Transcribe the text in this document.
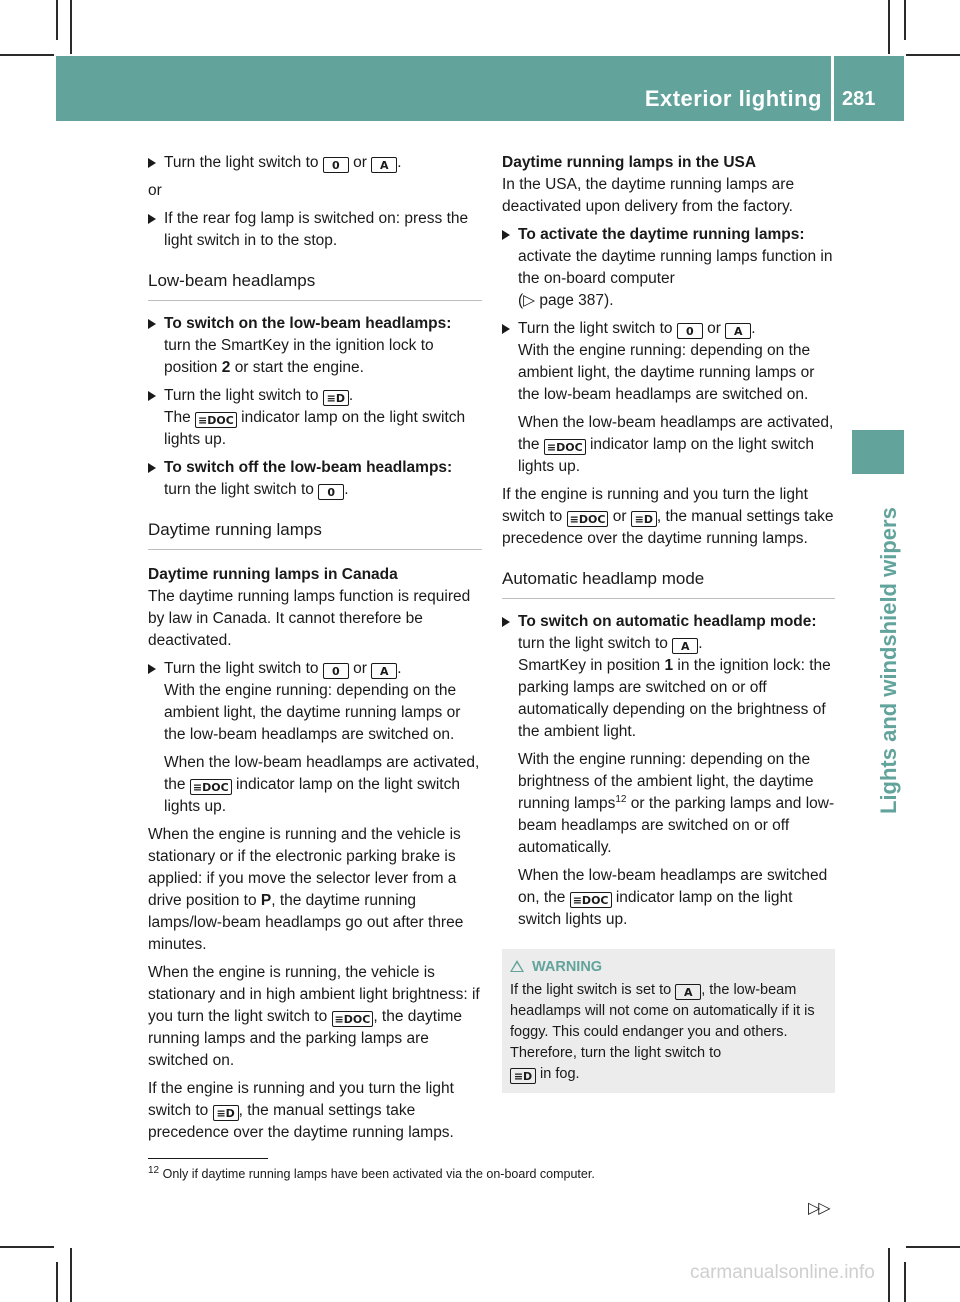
Exterior lighting 281
Lights and windshield wipers
Turn the light switch to 0 or A .

or

If the rear fog lamp is switched on: press the light switch in to the stop.
Low-beam headlamps
To switch on the low-beam headlamps: turn the SmartKey in the ignition lock to position 2 or start the engine.
Turn the light switch to ≡D .
The ≡DOC indicator lamp on the light switch lights up.
To switch off the low-beam headlamps: turn the light switch to 0 .
Daytime running lamps
Daytime running lamps in Canada

The daytime running lamps function is required by law in Canada. It cannot therefore be deactivated.

Turn the light switch to 0 or A .
With the engine running: depending on the ambient light, the daytime running lamps or the low-beam headlamps are switched on.
When the low-beam headlamps are activated, the ≡DOC indicator lamp on the light switch lights up.

When the engine is running and the vehicle is stationary or if the electronic parking brake is applied: if you move the selector lever from a drive position to P, the daytime running lamps/low-beam headlamps go out after three minutes.

When the engine is running, the vehicle is stationary and in high ambient light brightness: if you turn the light switch to ≡DOC , the daytime running lamps and the parking lamps are switched on.

If the engine is running and you turn the light switch to ≡D , the manual settings take precedence over the daytime running lamps.

Daytime running lamps in the USA

In the USA, the daytime running lamps are deactivated upon delivery from the factory.

To activate the daytime running lamps: activate the daytime running lamps function in the on-board computer
(▷ page 387).
Turn the light switch to 0 or A .
With the engine running: depending on the ambient light, the daytime running lamps or the low-beam headlamps are switched on.
When the low-beam headlamps are activated, the ≡DOC indicator lamp on the light switch lights up.

If the engine is running and you turn the light switch to ≡DOC or ≡D , the manual settings take precedence over the daytime running lamps.

Automatic headlamp mode
To switch on automatic headlamp mode: turn the light switch to A .
SmartKey in position 1 in the ignition lock: the parking lamps are switched on or off automatically depending on the brightness of the ambient light.
With the engine running: depending on the brightness of the ambient light, the daytime running lamps$^{12}$ or the parking lamps and low-beam headlamps are switched on or off automatically.
When the low-beam headlamps are switched on, the ≡DOC indicator lamp on the light switch lights up.
WARNING
If the light switch is set to A , the low-beam headlamps will not come on automatically if it is foggy. This could endanger you and others. Therefore, turn the light switch to
≡D in fog.
$^{12}$ Only if daytime running lamps have been activated via the on-board computer.
▷▷
carmanualsonline.info
